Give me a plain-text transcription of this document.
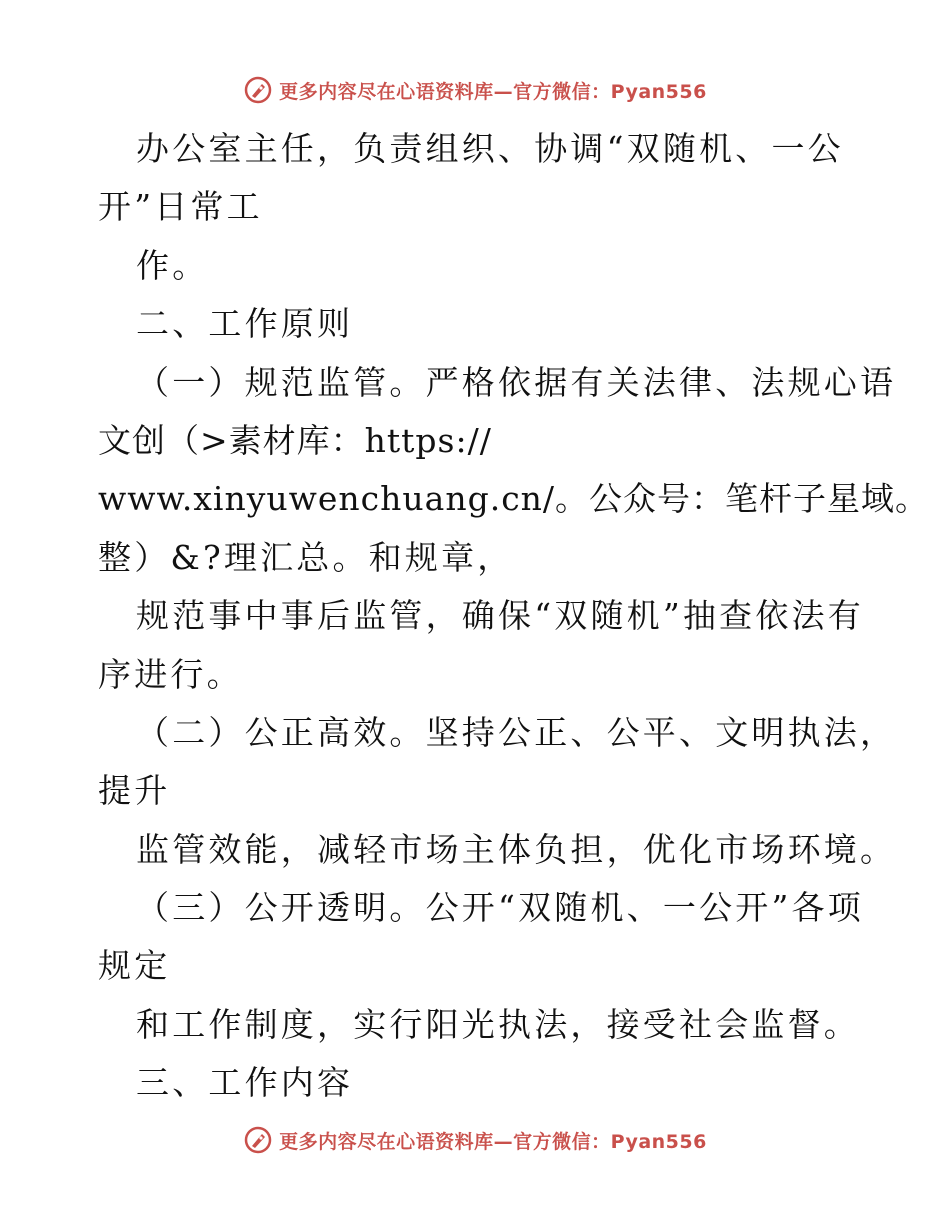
更多内容尽在心语资料库—官方微信：Pyan556
办公室主任，负责组织、协调“双随机、一公
开”日常工
作。
二、工作原则
（一）规范监管。严格依据有关法律、法规心语
文创（>素材库：https://
www.xinyuwenchuang.cn/。公众号：笔杆子星域。
整）&?理汇总。和规章，
规范事中事后监管，确保“双随机”抽查依法有
序进行。
（二）公正高效。坚持公正、公平、文明执法，
提升
监管效能，减轻市场主体负担，优化市场环境。
（三）公开透明。公开“双随机、一公开”各项
规定
和工作制度，实行阳光执法，接受社会监督。
三、工作内容
更多内容尽在心语资料库—官方微信：Pyan556
